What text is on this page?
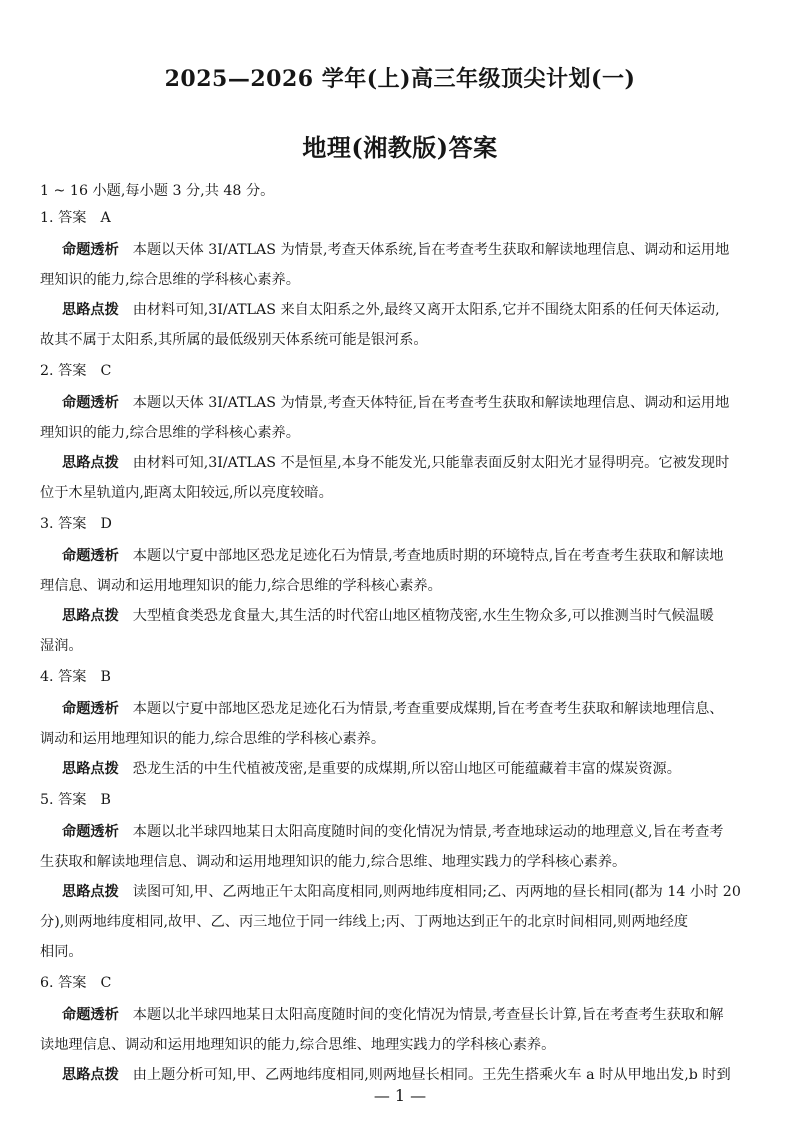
2025—2026 学年(上)高三年级顶尖计划(一)
地理(湘教版)答案
1 ~ 16 小题,每小题 3 分,共 48 分。
1. 答案 A
命题透析 本题以天体 3I/ATLAS 为情景,考查天体系统,旨在考查考生获取和解读地理信息、调动和运用地
理知识的能力,综合思维的学科核心素养。
思路点拨 由材料可知,3I/ATLAS 来自太阳系之外,最终又离开太阳系,它并不围绕太阳系的任何天体运动,
故其不属于太阳系,其所属的最低级别天体系统可能是银河系。
2. 答案 C
命题透析 本题以天体 3I/ATLAS 为情景,考查天体特征,旨在考查考生获取和解读地理信息、调动和运用地
理知识的能力,综合思维的学科核心素养。
思路点拨 由材料可知,3I/ATLAS 不是恒星,本身不能发光,只能靠表面反射太阳光才显得明亮。它被发现时
位于木星轨道内,距离太阳较远,所以亮度较暗。
3. 答案 D
命题透析 本题以宁夏中部地区恐龙足迹化石为情景,考查地质时期的环境特点,旨在考查考生获取和解读地
理信息、调动和运用地理知识的能力,综合思维的学科核心素养。
思路点拨 大型植食类恐龙食量大,其生活的时代窑山地区植物茂密,水生生物众多,可以推测当时气候温暖
湿润。
4. 答案 B
命题透析 本题以宁夏中部地区恐龙足迹化石为情景,考查重要成煤期,旨在考查考生获取和解读地理信息、
调动和运用地理知识的能力,综合思维的学科核心素养。
思路点拨 恐龙生活的中生代植被茂密,是重要的成煤期,所以窑山地区可能蕴藏着丰富的煤炭资源。
5. 答案 B
命题透析 本题以北半球四地某日太阳高度随时间的变化情况为情景,考查地球运动的地理意义,旨在考查考
生获取和解读地理信息、调动和运用地理知识的能力,综合思维、地理实践力的学科核心素养。
思路点拨 读图可知,甲、乙两地正午太阳高度相同,则两地纬度相同;乙、丙两地的昼长相同(都为 14 小时 20
分),则两地纬度相同,故甲、乙、丙三地位于同一纬线上;丙、丁两地达到正午的北京时间相同,则两地经度
相同。
6. 答案 C
命题透析 本题以北半球四地某日太阳高度随时间的变化情况为情景,考查昼长计算,旨在考查考生获取和解
读地理信息、调动和运用地理知识的能力,综合思维、地理实践力的学科核心素养。
思路点拨 由上题分析可知,甲、乙两地纬度相同,则两地昼长相同。王先生搭乘火车 a 时从甲地出发,b 时到
— 1 —
